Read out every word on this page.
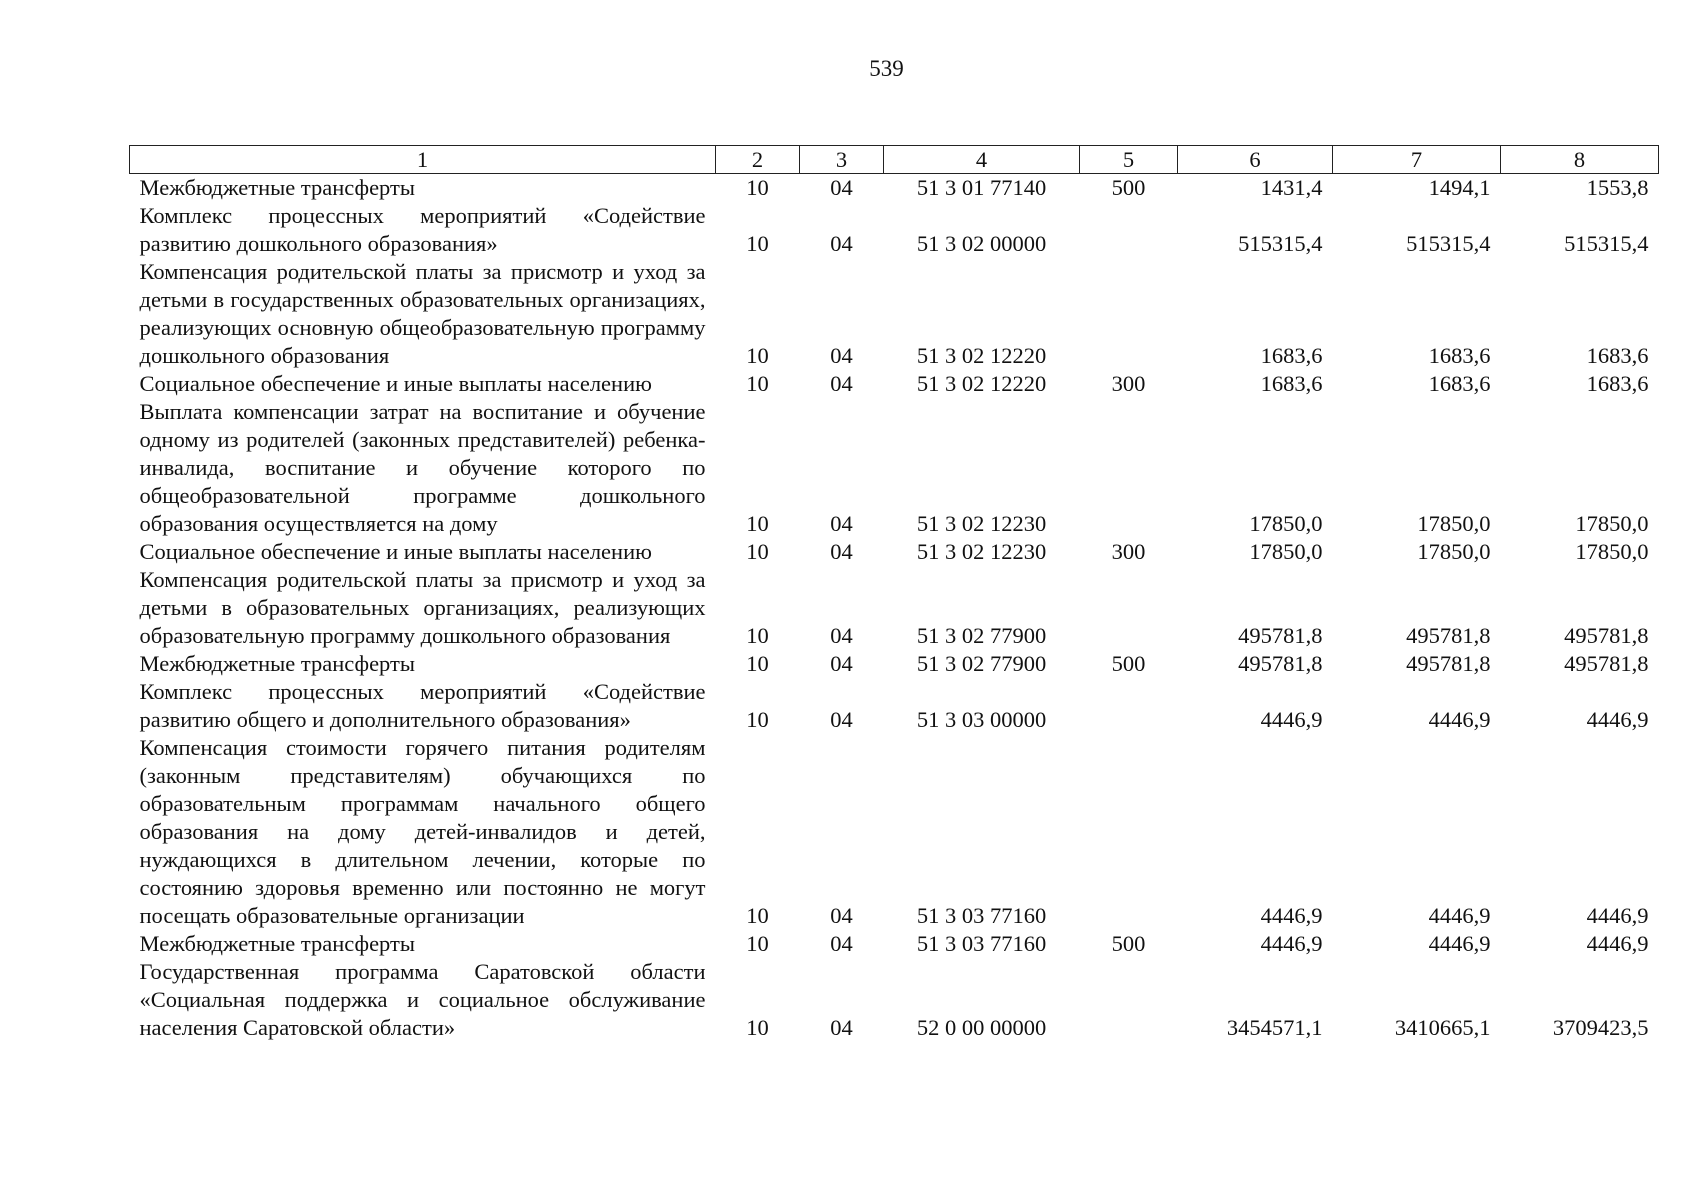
539
1	2	3	4	5	6	7	8
Межбюджетные трансферты	10	04	51 3 01 77140	500	1431,4	1494,1	1553,8
Комплекс процессных мероприятий «Содействие развитию дошкольного образования»	10	04	51 3 02 00000		515315,4	515315,4	515315,4
Компенсация родительской платы за присмотр и уход за детьми в государственных образовательных организациях, реализующих основную общеобразовательную программу дошкольного образования	10	04	51 3 02 12220		1683,6	1683,6	1683,6
Социальное обеспечение и иные выплаты населению	10	04	51 3 02 12220	300	1683,6	1683,6	1683,6
Выплата компенсации затрат на воспитание и обучение одному из родителей (законных представителей) ребенка-инвалида, воспитание и обучение которого по общеобразовательной программе дошкольного образования осуществляется на дому	10	04	51 3 02 12230		17850,0	17850,0	17850,0
Социальное обеспечение и иные выплаты населению	10	04	51 3 02 12230	300	17850,0	17850,0	17850,0
Компенсация родительской платы за присмотр и уход за детьми в образовательных организациях, реализующих образовательную программу дошкольного образования	10	04	51 3 02 77900		495781,8	495781,8	495781,8
Межбюджетные трансферты	10	04	51 3 02 77900	500	495781,8	495781,8	495781,8
Комплекс процессных мероприятий «Содействие развитию общего и дополнительного образования»	10	04	51 3 03 00000		4446,9	4446,9	4446,9
Компенсация стоимости горячего питания родителям (законным представителям) обучающихся по образовательным программам начального общего образования на дому детей-инвалидов и детей, нуждающихся в длительном лечении, которые по состоянию здоровья временно или постоянно не могут посещать образовательные организации	10	04	51 3 03 77160		4446,9	4446,9	4446,9
Межбюджетные трансферты	10	04	51 3 03 77160	500	4446,9	4446,9	4446,9
Государственная программа Саратовской области «Социальная поддержка и социальное обслуживание населения Саратовской области»	10	04	52 0 00 00000		3454571,1	3410665,1	3709423,5
